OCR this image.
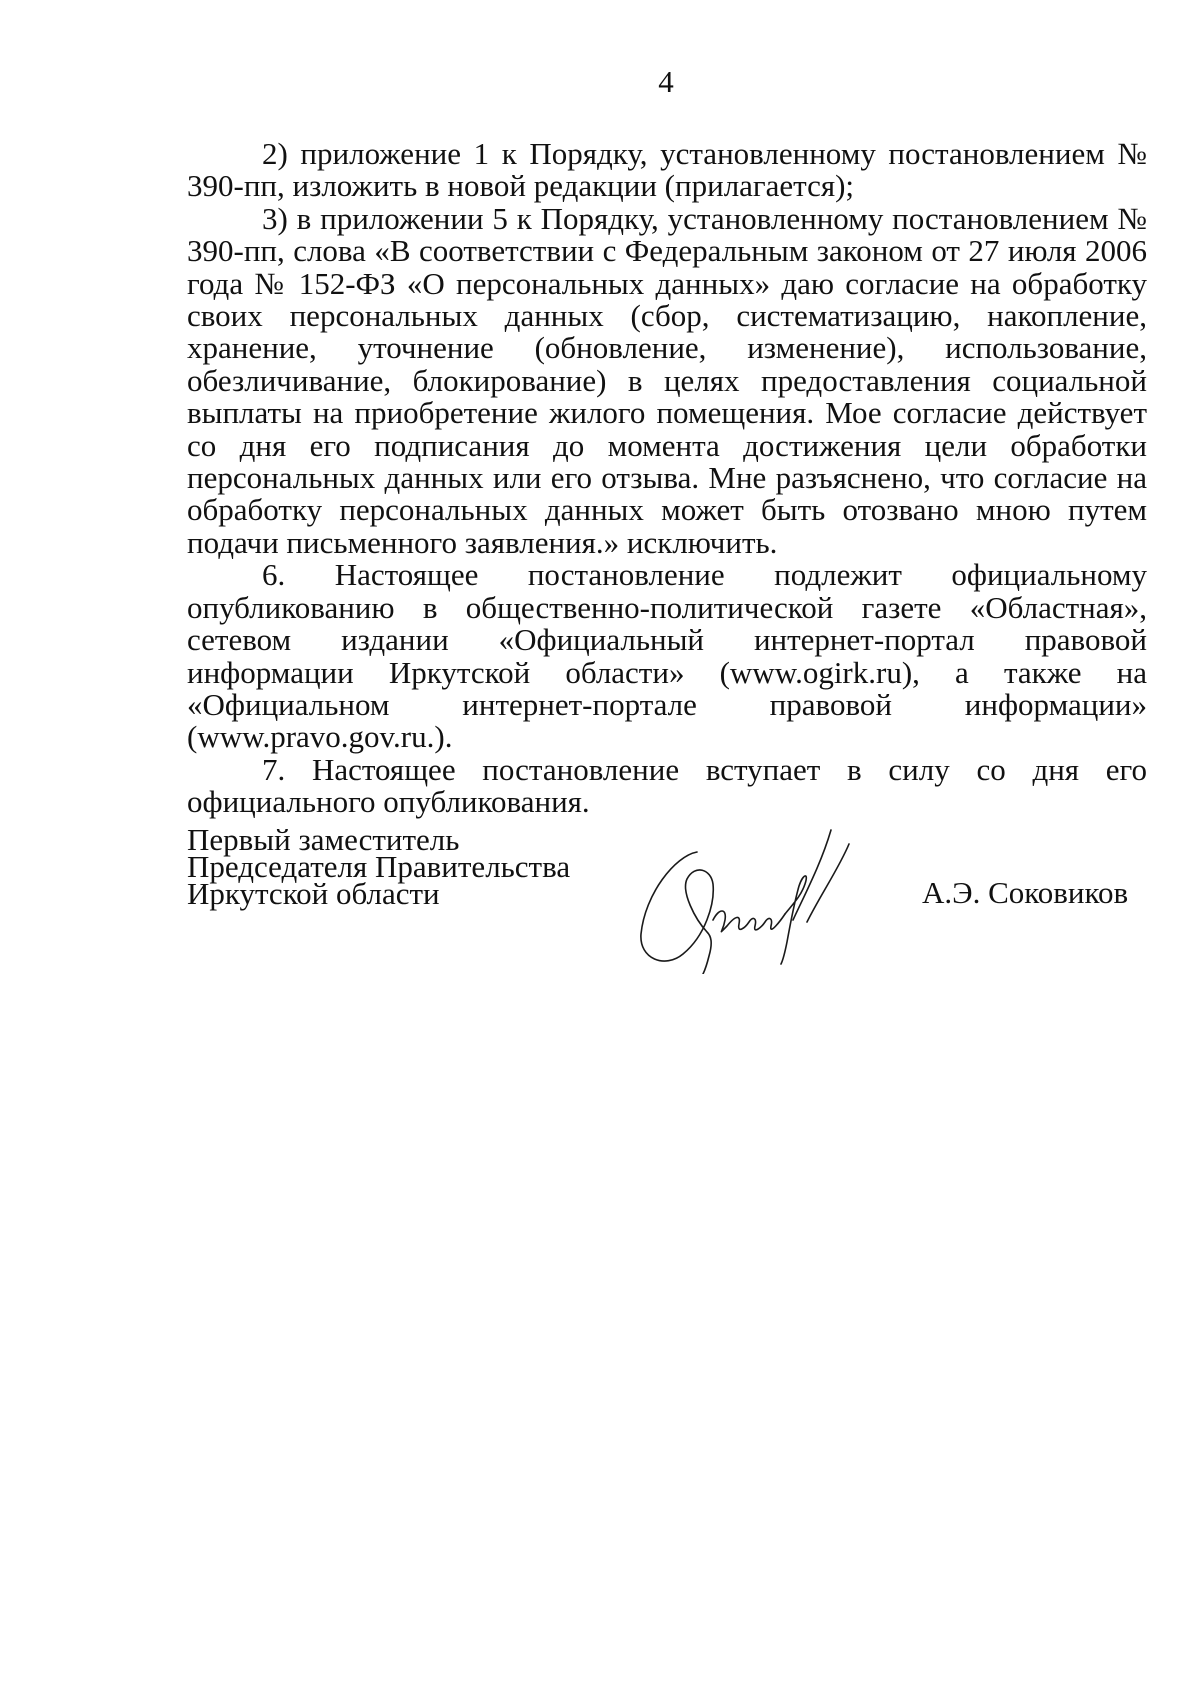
4

2) приложение 1 к Порядку, установленному постановлением № 390-пп, изложить в новой редакции (прилагается);

3) в приложении 5 к Порядку, установленному постановлением № 390-пп, слова «В соответствии с Федеральным законом от 27 июля 2006 года № 152-ФЗ «О персональных данных» даю согласие на обработку своих персональных данных (сбор, систематизацию, накопление, хранение, уточнение (обновление, изменение), использование, обезличивание, блокирование) в целях предоставления социальной выплаты на приобретение жилого помещения. Мое согласие действует со дня его подписания до момента достижения цели обработки персональных данных или его отзыва. Мне разъяснено, что согласие на обработку персональных данных может быть отозвано мною путем подачи письменного заявления.» исключить.

6. Настоящее постановление подлежит официальному опубликованию в общественно-политической газете «Областная», сетевом издании «Официальный интернет-портал правовой информации Иркутской области» (www.ogirk.ru), а также на «Официальном интернет-портале правовой информации» (www.pravo.gov.ru.).

7. Настоящее постановление вступает в силу со дня его официального опубликования.

Первый заместитель
Председателя Правительства
Иркутской области	А.Э. Соковиков
